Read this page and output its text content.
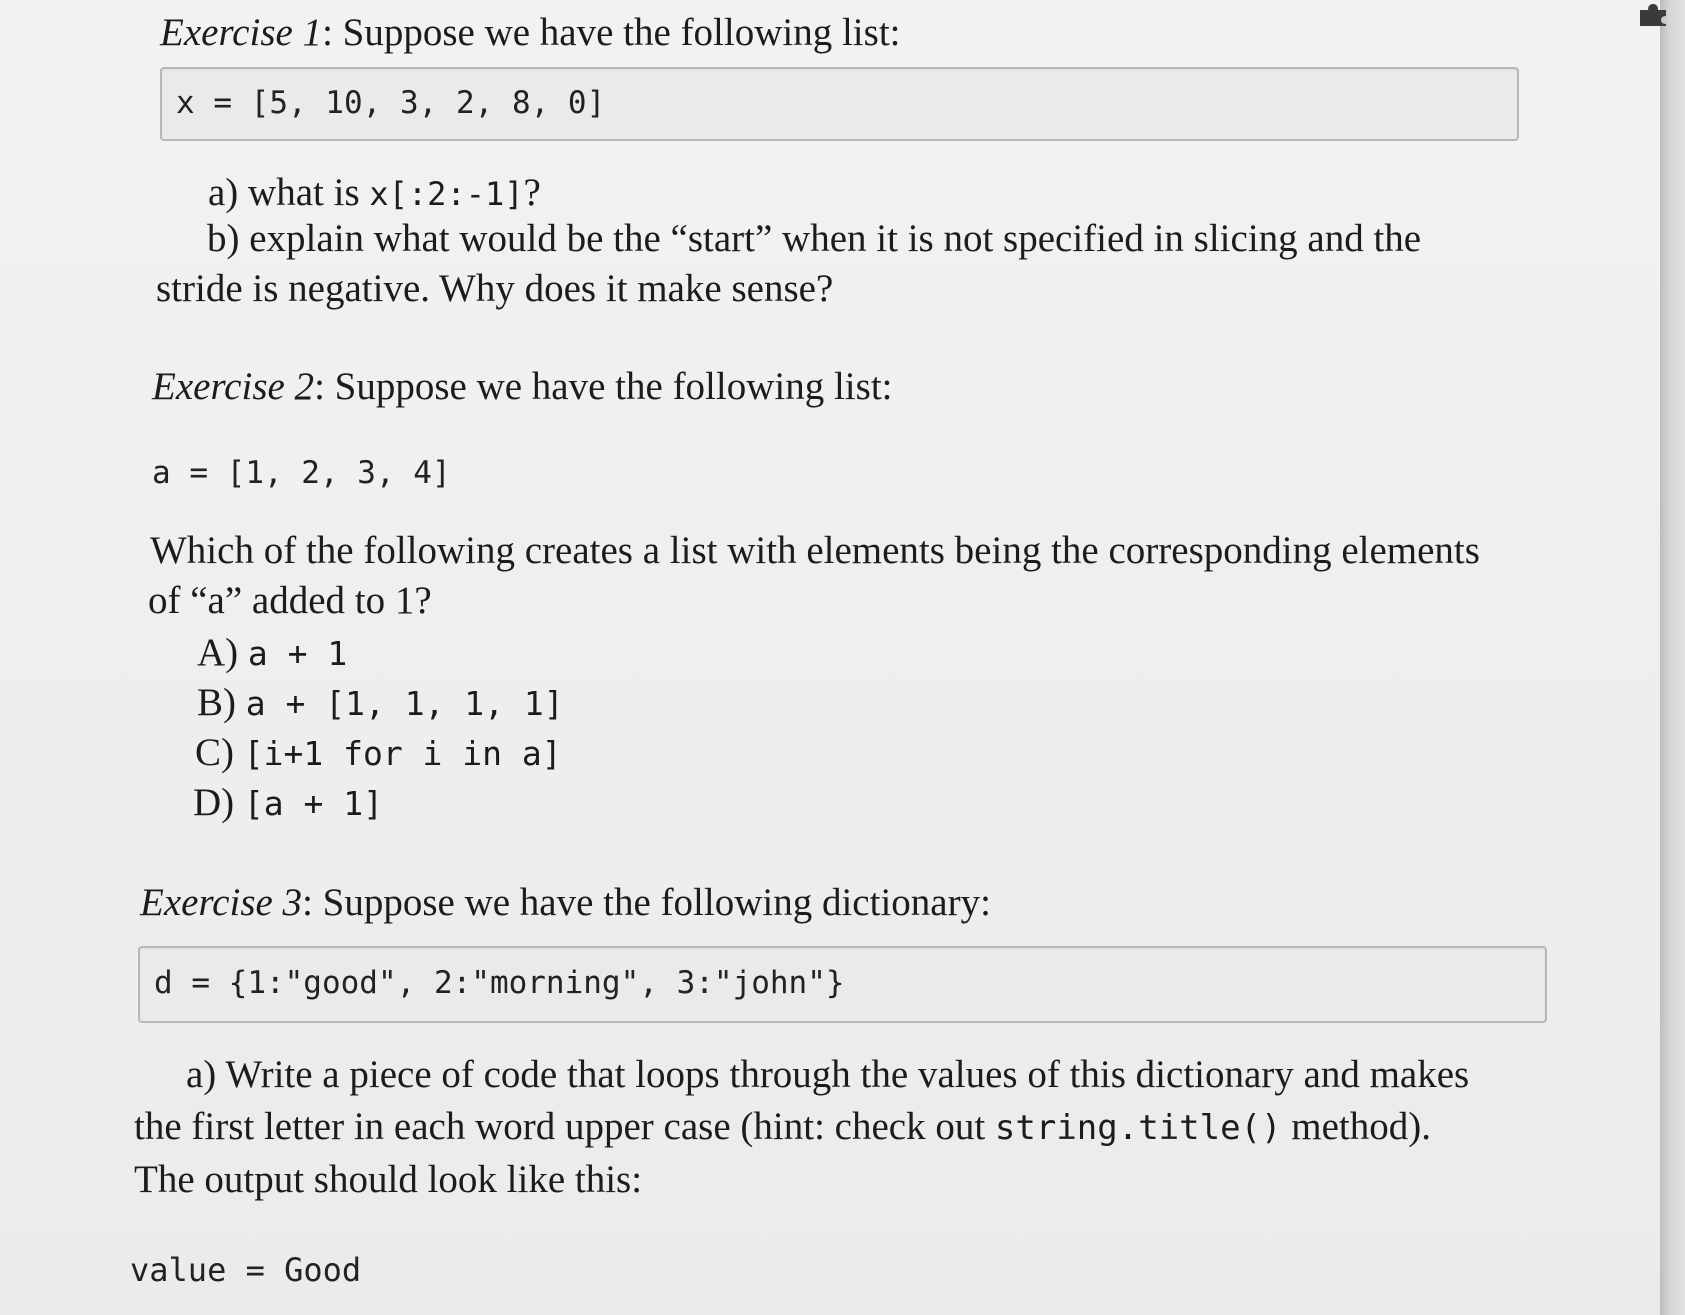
Exercise 1: Suppose we have the following list:
x = [5, 10, 3, 2, 8, 0]
a) what is x[:2:-1]?
b) explain what would be the “start” when it is not specified in slicing and the
stride is negative. Why does it make sense?
Exercise 2: Suppose we have the following list:
a = [1, 2, 3, 4]
Which of the following creates a list with elements being the corresponding elements
of “a” added to 1?
A) a + 1
B) a + [1, 1, 1, 1]
C) [i+1 for i in a]
D) [a + 1]
Exercise 3: Suppose we have the following dictionary:
d = {1:"good", 2:"morning", 3:"john"}
a) Write a piece of code that loops through the values of this dictionary and makes
the first letter in each word upper case (hint: check out string.title() method).
The output should look like this:
value = Good
